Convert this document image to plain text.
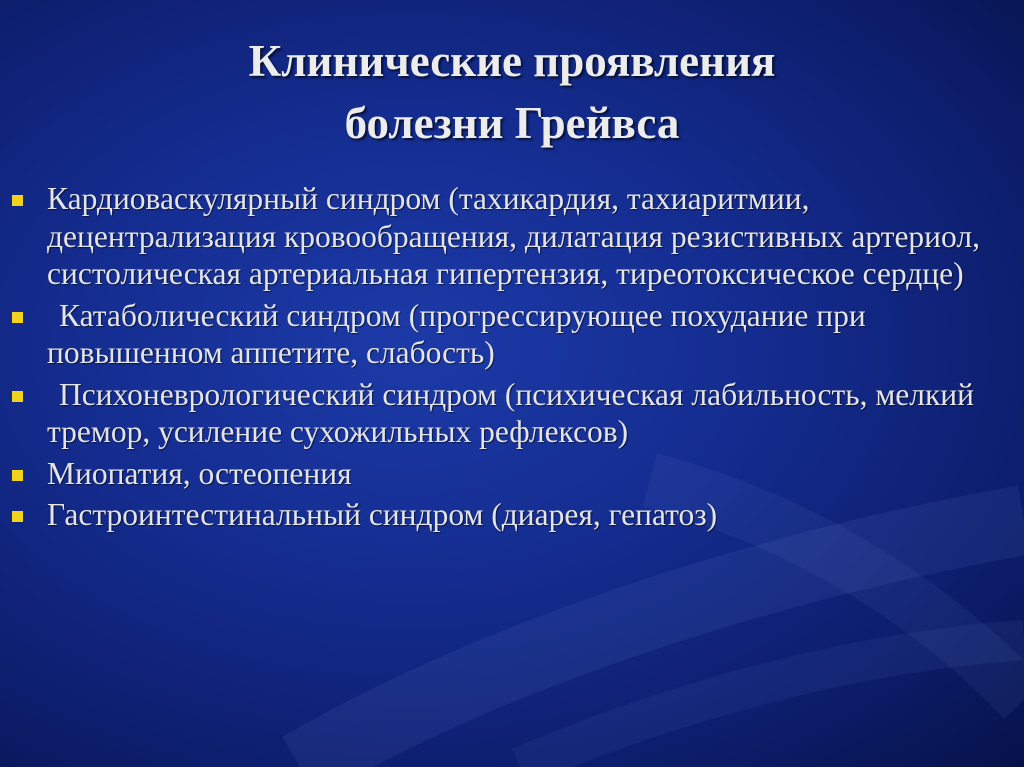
Клинические проявления
болезни Грейвса
Кардиоваскулярный синдром (тахикардия, тахиаритмии, децентрализация кровообращения, дилатация резистивных артериол, систолическая артериальная гипертензия, тиреотоксическое сердце)
Катаболический синдром (прогрессирующее похудание при повышенном аппетите, слабость)
Психоневрологический синдром (психическая лабильность, мелкий тремор, усиление сухожильных рефлексов)
Миопатия, остеопения
Гастроинтестинальный синдром (диарея, гепатоз)
